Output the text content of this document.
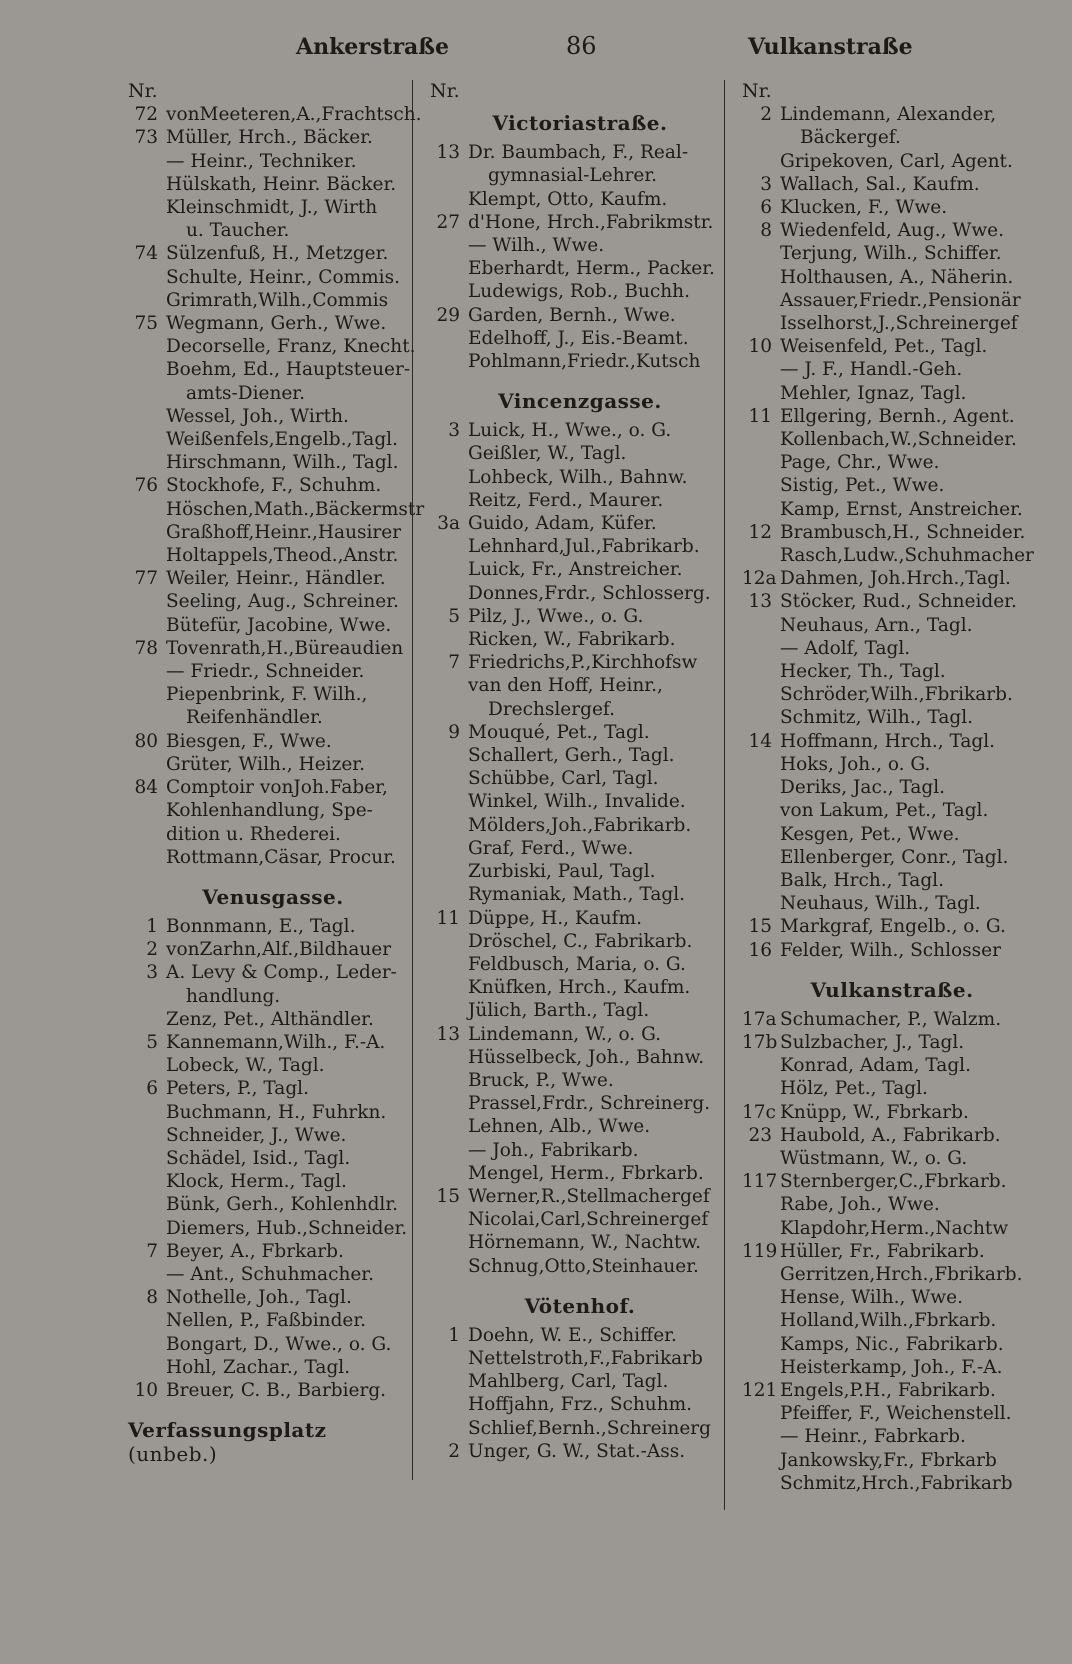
Ankerstraße	86	Vulkanstraße
Nr.
72 vonMeeteren,A.,Frachtsch.
73 Müller, Hrch., Bäcker.
— Heinr., Techniker.
Hülskath, Heinr. Bäcker.
Kleinschmidt, J., Wirth
u. Taucher.
74 Sülzenfuß, H., Metzger.
Schulte, Heinr., Commis.
Grimrath,Wilh.,Commis
75 Wegmann, Gerh., Wwe.
Decorselle, Franz, Knecht.
Boehm, Ed., Hauptsteuer-
amts-Diener.
Wessel, Joh., Wirth.
Weißenfels,Engelb.,Tagl.
Hirschmann, Wilh., Tagl.
76 Stockhofe, F., Schuhm.
Höschen,Math.,Bäckermstr
Graßhoff,Heinr.,Hausirer
Holtappels,Theod.,Anstr.
77 Weiler, Heinr., Händler.
Seeling, Aug., Schreiner.
Bütefür, Jacobine, Wwe.
78 Tovenrath,H.,Büreaudien
— Friedr., Schneider.
Piepenbrink, F. Wilh.,
Reifenhändler.
80 Biesgen, F., Wwe.
Grüter, Wilh., Heizer.
84 Comptoir vonJoh.Faber,
Kohlenhandlung, Spe-
dition u. Rhederei.
Rottmann,Cäsar, Procur.
Venusgasse.
1 Bonnmann, E., Tagl.
2 vonZarhn,Alf.,Bildhauer
3 A. Levy & Comp., Leder-
handlung.
Zenz, Pet., Althändler.
5 Kannemann,Wilh., F.-A.
Lobeck, W., Tagl.
6 Peters, P., Tagl.
Buchmann, H., Fuhrkn.
Schneider, J., Wwe.
Schädel, Isid., Tagl.
Klock, Herm., Tagl.
Bünk, Gerh., Kohlenhdlr.
Diemers, Hub.,Schneider.
7 Beyer, A., Fbrkarb.
— Ant., Schuhmacher.
8 Nothelle, Joh., Tagl.
Nellen, P., Faßbinder.
Bongart, D., Wwe., o. G.
Hohl, Zachar., Tagl.
10 Breuer, C. B., Barbierg.
Verfassungsplatz (unbeb.)
Nr.
Victoriastraße.
13 Dr. Baumbach, F., Real-
gymnasial-Lehrer.
Klempt, Otto, Kaufm.
27 d'Hone, Hrch.,Fabrikmstr.
— Wilh., Wwe.
Eberhardt, Herm., Packer.
Ludewigs, Rob., Buchh.
29 Garden, Bernh., Wwe.
Edelhoff, J., Eis.-Beamt.
Pohlmann,Friedr.,Kutsch
Vincenzgasse.
3 Luick, H., Wwe., o. G.
Geißler, W., Tagl.
Lohbeck, Wilh., Bahnw.
Reitz, Ferd., Maurer.
3a Guido, Adam, Küfer.
Lehnhard,Jul.,Fabrikarb.
Luick, Fr., Anstreicher.
Donnes,Frdr., Schlosserg.
5 Pilz, J., Wwe., o. G.
Ricken, W., Fabrikarb.
7 Friedrichs,P.,Kirchhofsw
van den Hoff, Heinr.,
Drechslergef.
9 Mouqué, Pet., Tagl.
Schallert, Gerh., Tagl.
Schübbe, Carl, Tagl.
Winkel, Wilh., Invalide.
Mölders,Joh.,Fabrikarb.
Graf, Ferd., Wwe.
Zurbiski, Paul, Tagl.
Rymaniak, Math., Tagl.
11 Düppe, H., Kaufm.
Dröschel, C., Fabrikarb.
Feldbusch, Maria, o. G.
Knüfken, Hrch., Kaufm.
Jülich, Barth., Tagl.
13 Lindemann, W., o. G.
Hüsselbeck, Joh., Bahnw.
Bruck, P., Wwe.
Prassel,Frdr., Schreinerg.
Lehnen, Alb., Wwe.
— Joh., Fabrikarb.
Mengel, Herm., Fbrkarb.
15 Werner,R.,Stellmachergef
Nicolai,Carl,Schreinergef
Hörnemann, W., Nachtw.
Schnug,Otto,Steinhauer.
Vötenhof.
1 Doehn, W. E., Schiffer.
Nettelstroth,F.,Fabrikarb
Mahlberg, Carl, Tagl.
Hoffjahn, Frz., Schuhm.
Schlief,Bernh.,Schreinerg
2 Unger, G. W., Stat.-Ass.
Nr.
2 Lindemann, Alexander,
Bäckergef.
Gripekoven, Carl, Agent.
3 Wallach, Sal., Kaufm.
6 Klucken, F., Wwe.
8 Wiedenfeld, Aug., Wwe.
Terjung, Wilh., Schiffer.
Holthausen, A., Näherin.
Assauer,Friedr.,Pensionär
Isselhorst,J.,Schreinergef
10 Weisenfeld, Pet., Tagl.
— J. F., Handl.-Geh.
Mehler, Ignaz, Tagl.
11 Ellgering, Bernh., Agent.
Kollenbach,W.,Schneider.
Page, Chr., Wwe.
Sistig, Pet., Wwe.
Kamp, Ernst, Anstreicher.
12 Brambusch,H., Schneider.
Rasch,Ludw.,Schuhmacher
12a Dahmen, Joh.Hrch.,Tagl.
13 Stöcker, Rud., Schneider.
Neuhaus, Arn., Tagl.
— Adolf, Tagl.
Hecker, Th., Tagl.
Schröder,Wilh.,Fbrikarb.
Schmitz, Wilh., Tagl.
14 Hoffmann, Hrch., Tagl.
Hoks, Joh., o. G.
Deriks, Jac., Tagl.
von Lakum, Pet., Tagl.
Kesgen, Pet., Wwe.
Ellenberger, Conr., Tagl.
Balk, Hrch., Tagl.
Neuhaus, Wilh., Tagl.
15 Markgraf, Engelb., o. G.
16 Felder, Wilh., Schlosser
Vulkanstraße.
17a Schumacher, P., Walzm.
17b Sulzbacher, J., Tagl.
Konrad, Adam, Tagl.
Hölz, Pet., Tagl.
17c Knüpp, W., Fbrkarb.
23 Haubold, A., Fabrikarb.
Wüstmann, W., o. G.
117 Sternberger,C.,Fbrkarb.
Rabe, Joh., Wwe.
Klapdohr,Herm.,Nachtw
119 Hüller, Fr., Fabrikarb.
Gerritzen,Hrch.,Fbrikarb.
Hense, Wilh., Wwe.
Holland,Wilh.,Fbrkarb.
Kamps, Nic., Fabrikarb.
Heisterkamp, Joh., F.-A.
121 Engels,P.H., Fabrikarb.
Pfeiffer, F., Weichenstell.
— Heinr., Fabrkarb.
Jankowsky,Fr., Fbrkarb
Schmitz,Hrch.,Fabrikarb
